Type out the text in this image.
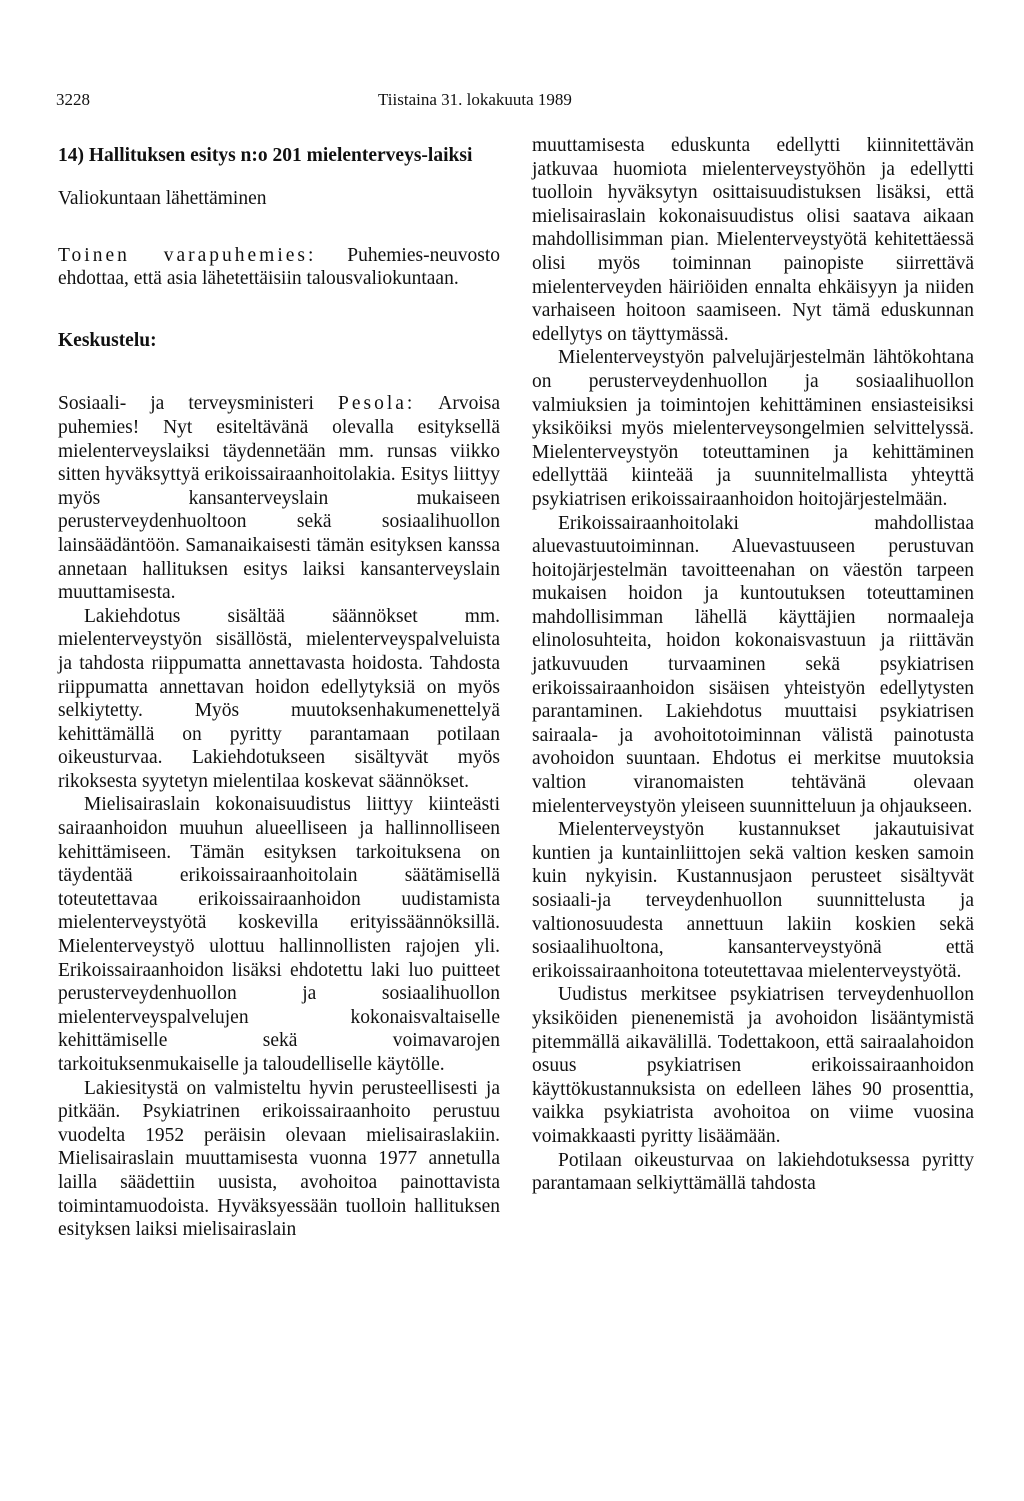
3228	Tiistaina 31. lokakuuta 1989
14) Hallituksen esitys n:o 201 mielenterveys-laiksi
Valiokuntaan lähettäminen

Toinen varapuhemies: Puhemies-neuvosto ehdottaa, että asia lähetettäisiin talousvaliokuntaan.

Keskustelu:

Sosiaali- ja terveysministeri Pesola: Arvoisa puhemies! Nyt esiteltävänä olevalla esityksellä mielenterveyslaiksi täydennetään mm. runsas viikko sitten hyväksyttyä erikoissairaanhoitolakia. Esitys liittyy myös kansanterveyslain mukaiseen perusterveydenhuoltoon sekä sosiaalihuollon lainsäädäntöön. Samanaikaisesti tämän esityksen kanssa annetaan hallituksen esitys laiksi kansanterveyslain muuttamisesta.

Lakiehdotus sisältää säännökset mm. mielenterveystyön sisällöstä, mielenterveyspalveluista ja tahdosta riippumatta annettavasta hoidosta. Tahdosta riippumatta annettavan hoidon edellytyksiä on myös selkiytetty. Myös muutoksenhakumenettelyä kehittämällä on pyritty parantamaan potilaan oikeusturvaa. Lakiehdotukseen sisältyvät myös rikoksesta syytetyn mielentilaa koskevat säännökset.

Mielisairaslain kokonaisuudistus liittyy kiinteästi sairaanhoidon muuhun alueelliseen ja hallinnolliseen kehittämiseen. Tämän esityksen tarkoituksena on täydentää erikoissairaanhoitolain säätämisellä toteutettavaa erikoissairaanhoidon uudistamista mielenterveystyötä koskevilla erityissäännöksillä. Mielenterveystyö ulottuu hallinnollisten rajojen yli. Erikoissairaanhoidon lisäksi ehdotettu laki luo puitteet perusterveydenhuollon ja sosiaalihuollon mielenterveyspalvelujen kokonaisvaltaiselle kehittämiselle sekä voimavarojen tarkoituksenmukaiselle ja taloudelliselle käytölle.

Lakiesitystä on valmisteltu hyvin perusteellisesti ja pitkään. Psykiatrinen erikoissairaanhoito perustuu vuodelta 1952 peräisin olevaan mielisairaslakiin. Mielisairaslain muuttamisesta vuonna 1977 annetulla lailla säädettiin uusista, avohoitoa painottavista toimintamuodoista. Hyväksyessään tuolloin hallituksen esityksen laiksi mielisairaslain

muuttamisesta eduskunta edellytti kiinnitettävän jatkuvaa huomiota mielenterveystyöhön ja edellytti tuolloin hyväksytyn osittaisuudistuksen lisäksi, että mielisairaslain kokonaisuudistus olisi saatava aikaan mahdollisimman pian. Mielenterveystyötä kehitettäessä olisi myös toiminnan painopiste siirrettävä mielenterveyden häiriöiden ennalta ehkäisyyn ja niiden varhaiseen hoitoon saamiseen. Nyt tämä eduskunnan edellytys on täyttymässä.

Mielenterveystyön palvelujärjestelmän lähtökohtana on perusterveydenhuollon ja sosiaalihuollon valmiuksien ja toimintojen kehittäminen ensiasteisiksi yksiköiksi myös mielenterveysongelmien selvittelyssä. Mielenterveystyön toteuttaminen ja kehittäminen edellyttää kiinteää ja suunnitelmallista yhteyttä psykiatrisen erikoissairaanhoidon hoitojärjestelmään.

Erikoissairaanhoitolaki mahdollistaa aluevastuutoiminnan. Aluevastuuseen perustuvan hoitojärjestelmän tavoitteenahan on väestön tarpeen mukaisen hoidon ja kuntoutuksen toteuttaminen mahdollisimman lähellä käyttäjien normaaleja elinolosuhteita, hoidon kokonaisvastuun ja riittävän jatkuvuuden turvaaminen sekä psykiatrisen erikoissairaanhoidon sisäisen yhteistyön edellytysten parantaminen. Lakiehdotus muuttaisi psykiatrisen sairaala- ja avohoitotoiminnan välistä painotusta avohoidon suuntaan. Ehdotus ei merkitse muutoksia valtion viranomaisten tehtävänä olevaan mielenterveystyön yleiseen suunnitteluun ja ohjaukseen.

Mielenterveystyön kustannukset jakautuisivat kuntien ja kuntainliittojen sekä valtion kesken samoin kuin nykyisin. Kustannusjaon perusteet sisältyvät sosiaali-ja terveydenhuollon suunnittelusta ja valtionosuudesta annettuun lakiin koskien sekä sosiaalihuoltona, kansanterveystyönä että erikoissairaanhoitona toteutettavaa mielenterveystyötä.

Uudistus merkitsee psykiatrisen terveydenhuollon yksiköiden pienenemistä ja avohoidon lisääntymistä pitemmällä aikavälillä. Todettakoon, että sairaalahoidon osuus psykiatrisen erikoissairaanhoidon käyttökustannuksista on edelleen lähes 90 prosenttia, vaikka psykiatrista avohoitoa on viime vuosina voimakkaasti pyritty lisäämään.

Potilaan oikeusturvaa on lakiehdotuksessa pyritty parantamaan selkiyttämällä tahdosta
